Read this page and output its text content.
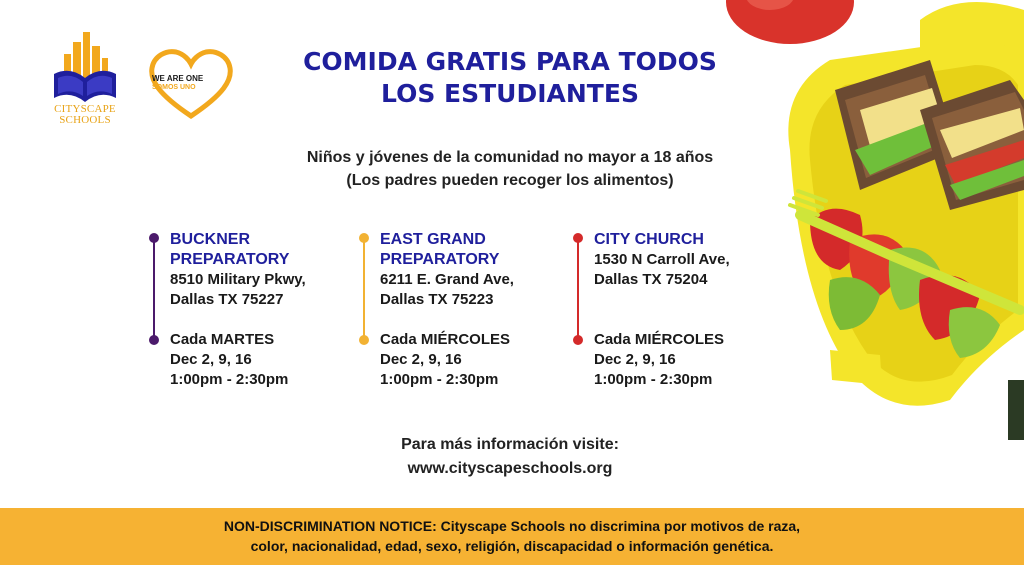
CITYSCAPE
SCHOOLS
WE ARE ONE
SOMOS UNO
COMIDA GRATIS PARA TODOS
LOS ESTUDIANTES
Niños y jóvenes de la comunidad no mayor a 18 años
(Los padres pueden recoger los alimentos)
BUCKNER
PREPARATORY
8510 Military Pkwy,
Dallas TX 75227
Cada MARTES
Dec 2, 9, 16
1:00pm - 2:30pm
EAST GRAND
PREPARATORY
6211 E. Grand Ave,
Dallas TX 75223
Cada MIÉRCOLES
Dec 2, 9, 16
1:00pm - 2:30pm
CITY CHURCH
1530 N Carroll Ave,
Dallas TX 75204
Cada MIÉRCOLES
Dec 2, 9, 16
1:00pm - 2:30pm
Para más información visite:
www.cityscapeschools.org
NON-DISCRIMINATION NOTICE: Cityscape Schools no discrimina por motivos de raza,
color, nacionalidad, edad, sexo, religión, discapacidad o información genética.
